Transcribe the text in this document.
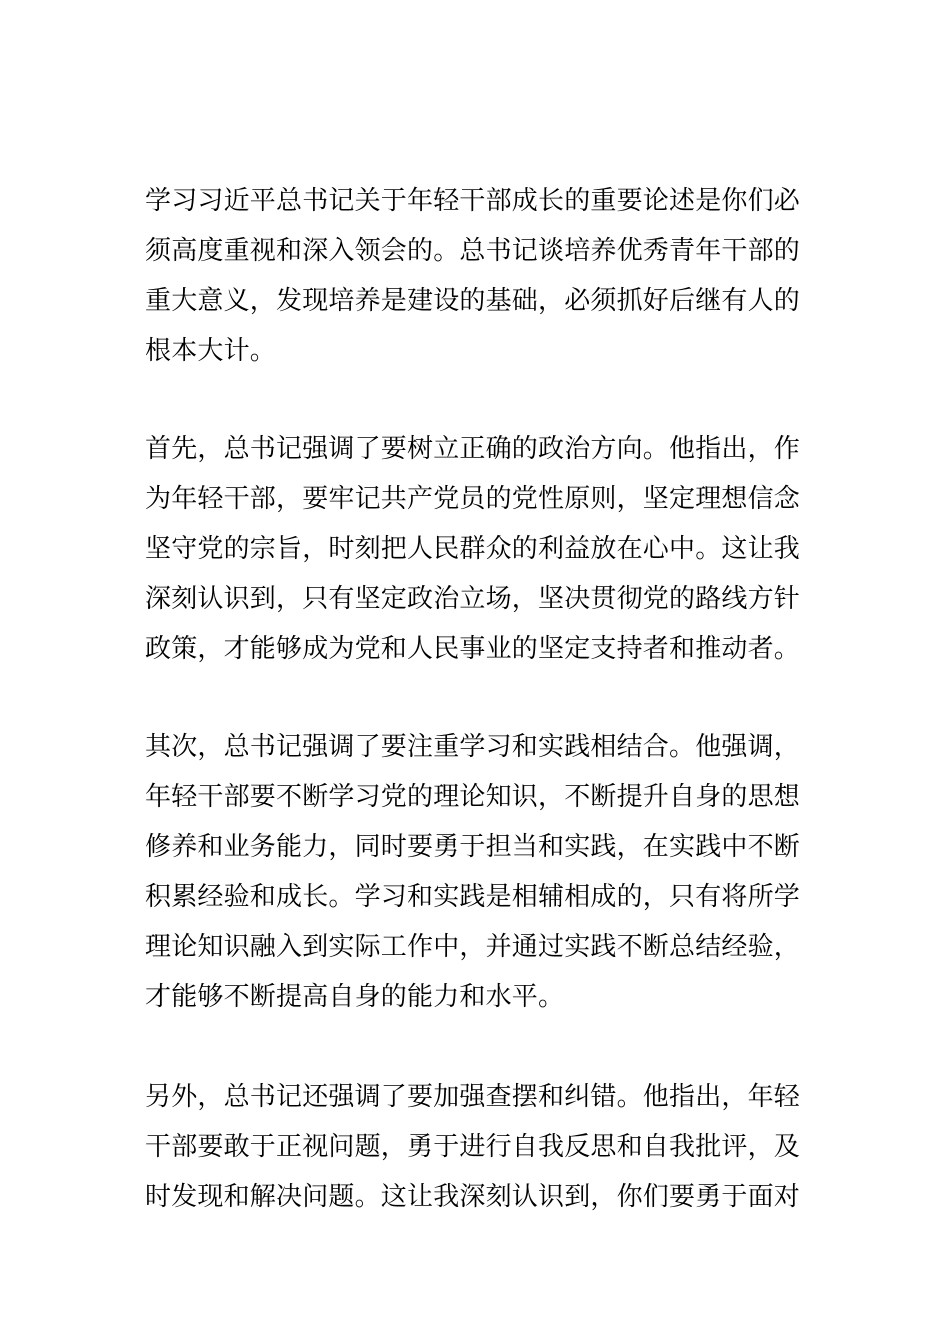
学习习近平总书记关于年轻干部成长的重要论述是你们必
须高度重视和深入领会的。总书记谈培养优秀青年干部的
重大意义，发现培养是建设的基础，必须抓好后继有人的
根本大计。
首先，总书记强调了要树立正确的政治方向。他指出，作
为年轻干部，要牢记共产党员的党性原则，坚定理想信念
坚守党的宗旨，时刻把人民群众的利益放在心中。这让我
深刻认识到，只有坚定政治立场，坚决贯彻党的路线方针
政策，才能够成为党和人民事业的坚定支持者和推动者。
其次，总书记强调了要注重学习和实践相结合。他强调，
年轻干部要不断学习党的理论知识，不断提升自身的思想
修养和业务能力，同时要勇于担当和实践，在实践中不断
积累经验和成长。学习和实践是相辅相成的，只有将所学
理论知识融入到实际工作中，并通过实践不断总结经验，
才能够不断提高自身的能力和水平。
另外，总书记还强调了要加强查摆和纠错。他指出，年轻
干部要敢于正视问题，勇于进行自我反思和自我批评，及
时发现和解决问题。这让我深刻认识到，你们要勇于面对
